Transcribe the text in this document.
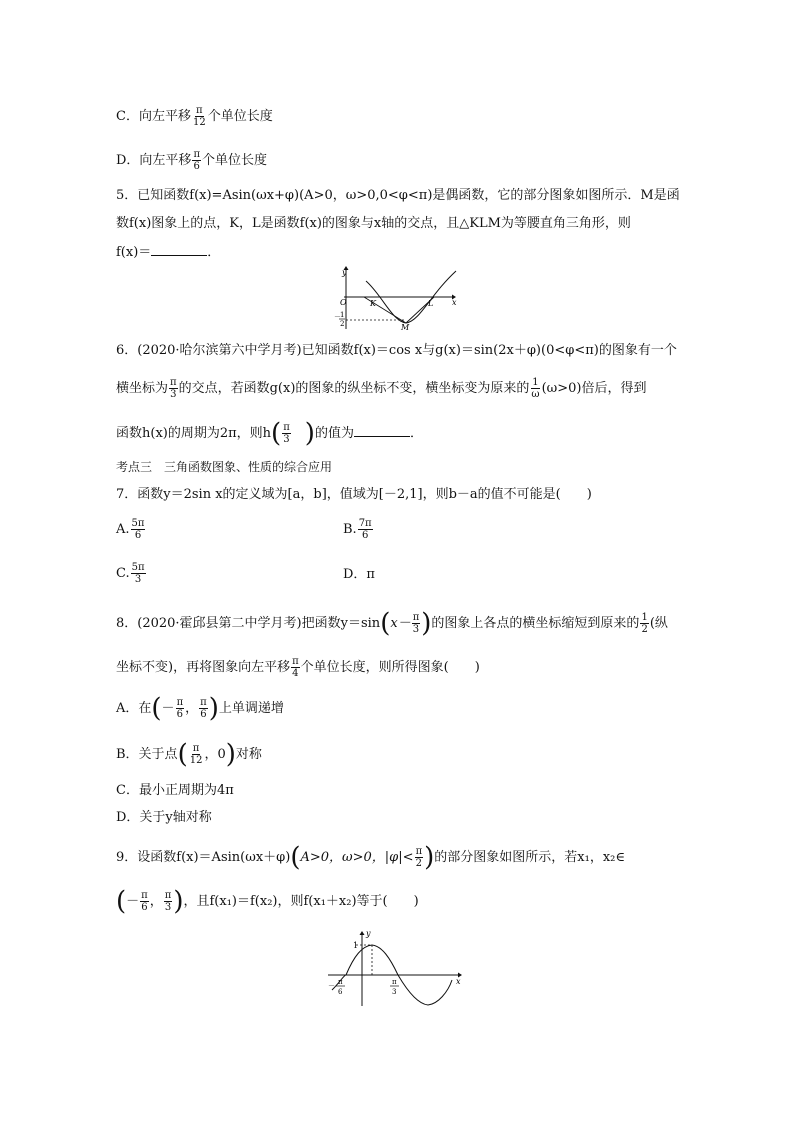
C．向左平移 $\frac{\pi}{12}$ 个单位长度
D．向左平移 $\frac{\pi}{6}$ 个单位长度
5．已知函数f(x)=Asin(ωx+φ)(A>0，ω>0,0<φ<π)是偶函数，它的部分图象如图所示．M是函
数f(x)图象上的点，K，L是函数f(x)的图象与x轴的交点，且△KLM为等腰直角三角形，则
f(x)＝	．
y
x
O	K	L
M
－ 1
2
6．(2020·哈尔滨第六中学月考)已知函数f(x)＝cos x与g(x)＝sin(2x＋φ)(0<φ<π)的图象有一个
横坐标为 $\frac{\pi}{3}$ 的交点，若函数g(x)的图象的纵坐标不变，横坐标变为原来的 $\frac{1}{\omega} (\omega>0)$倍后，得到
函数h(x)的周期为2π，则$h( \frac{\pi}{3}$
  )的值为	．
考点三　三角函数图象、性质的综合应用
7．函数y＝2sin x的定义域为[a，b]，值域为[－2,1]，则b－a的值不可能是(　　)
A. $\frac{5\pi}{6}$	B. $\frac{7\pi}{6}$
C. $\frac{5\pi}{3}$	D．π
8．(2020·霍邱县第二中学月考)把函数$y=\sin(x- \frac{\pi}{3}$ )的图象上各点的横坐标缩短到原来的 $\frac{1}{2}$ (纵
坐标不变)，再将图象向左平移 $\frac{\pi}{4}$ 个单位长度，则所得图象(　　)
A．在(－ $\frac{\pi}{6}$ ， $\frac{\pi}{6}$ )上单调递增
B．关于点( $\frac{\pi}{12}$ ，0)对称
C．最小正周期为4π
D．关于y轴对称
9．设函数f(x)＝Asin(ωx＋φ)(A>0，ω>0，$|\varphi|< \frac{\pi}{2}$ )的部分图象如图所示，若x₁，x₂∈
(－ $\frac{\pi}{6}$ ， $\frac{\pi}{3}$ )，且f(x₁)＝f(x₂)，则f(x₁＋x₂)等于(　　)
y
x
1
－ π
6
π
3
